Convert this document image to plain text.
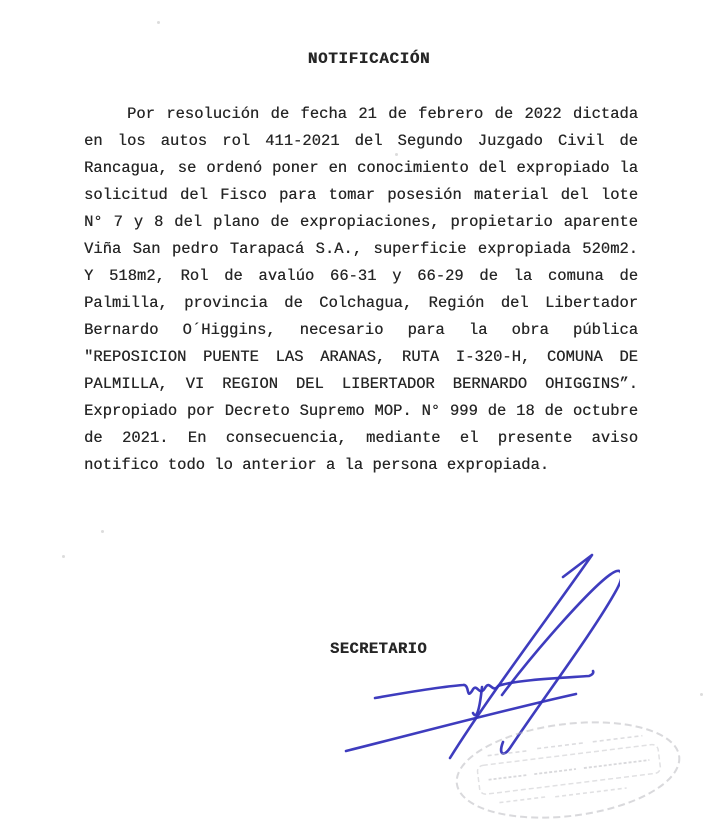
NOTIFICACIÓN
Por resolución de fecha 21 de febrero de 2022 dictada
en los autos rol 411-2021 del Segundo Juzgado Civil de
Rancagua, se ordenó poner en conocimiento del expropiado la
solicitud del Fisco para tomar posesión material del lote
N° 7 y 8 del plano de expropiaciones, propietario aparente
Viña San pedro Tarapacá S.A., superficie expropiada 520m2.
Y 518m2, Rol de avalúo 66-31 y 66-29 de la comuna de
Palmilla, provincia de Colchagua, Región del Libertador
Bernardo O´Higgins, necesario para la obra pública
"REPOSICION PUENTE LAS ARANAS, RUTA I-320-H, COMUNA DE
PALMILLA, VI REGION DEL LIBERTADOR BERNARDO OHIGGINS”.
Expropiado por Decreto Supremo MOP. N° 999 de 18 de octubre
de 2021. En consecuencia, mediante el presente aviso
notifico todo lo anterior a la persona expropiada.
SECRETARIO
